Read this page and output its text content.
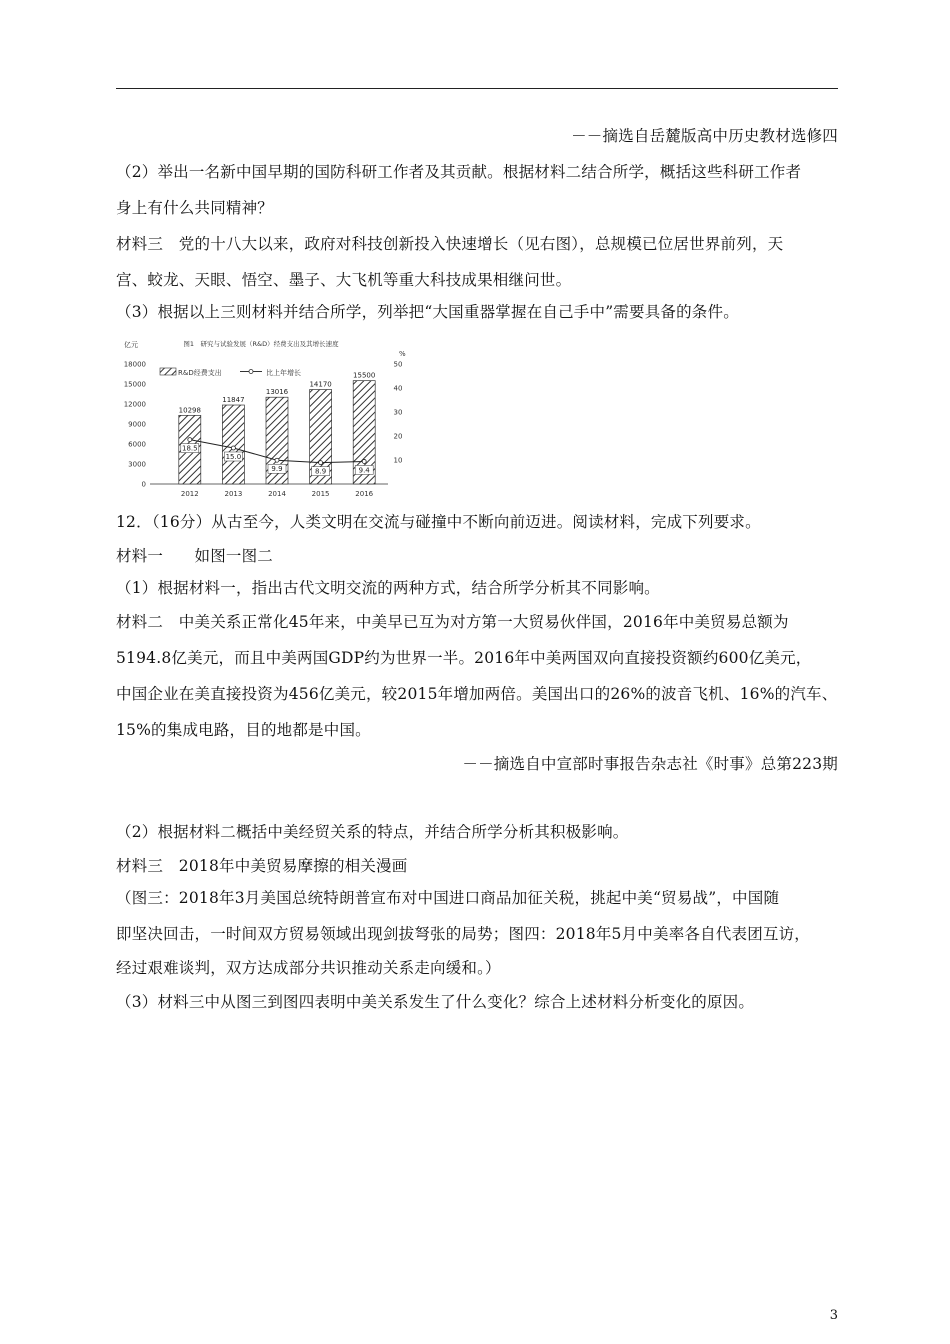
－－摘选自岳麓版高中历史教材选修四
（2）举出一名新中国早期的国防科研工作者及其贡献。根据材料二结合所学，概括这些科研工作者
身上有什么共同精神？
材料三　党的十八大以来，政府对科技创新投入快速增长（见右图），总规模已位居世界前列，天
宫、蛟龙、天眼、悟空、墨子、大飞机等重大科技成果相继问世。
（3）根据以上三则材料并结合所学，列举把“大国重器掌握在自己手中”需要具备的条件。
图1　研究与试验发展（R&D）经费支出及其增长速度
亿元
%
R&D经费支出	比上年增长
18000
15000
12000
9000
6000
3000
0
50
40
30
20
10
10298
11847
13016
14170
15500
18.5
15.0
9.9	8.9	9.4
2012	2013	2014	2015	2016
12．（16分）从古至今，人类文明在交流与碰撞中不断向前迈进。阅读材料，完成下列要求。
材料一　　如图一图二
（1）根据材料一，指出古代文明交流的两种方式，结合所学分析其不同影响。
材料二　中美关系正常化45年来，中美早已互为对方第一大贸易伙伴国，2016年中美贸易总额为
5194.8亿美元，而且中美两国GDP约为世界一半。2016年中美两国双向直接投资额约600亿美元，
中国企业在美直接投资为456亿美元，较2015年增加两倍。美国出口的26%的波音飞机、16%的汽车、
15%的集成电路，目的地都是中国。
－－摘选自中宣部时事报告杂志社《时事》总第223期
（2）根据材料二概括中美经贸关系的特点，并结合所学分析其积极影响。
材料三　2018年中美贸易摩擦的相关漫画
（图三：2018年3月美国总统特朗普宣布对中国进口商品加征关税，挑起中美“贸易战”，中国随
即坚决回击，一时间双方贸易领域出现剑拔弩张的局势；图四：2018年5月中美率各自代表团互访，
经过艰难谈判，双方达成部分共识推动关系走向缓和。）
（3）材料三中从图三到图四表明中美关系发生了什么变化？综合上述材料分析变化的原因。
3
